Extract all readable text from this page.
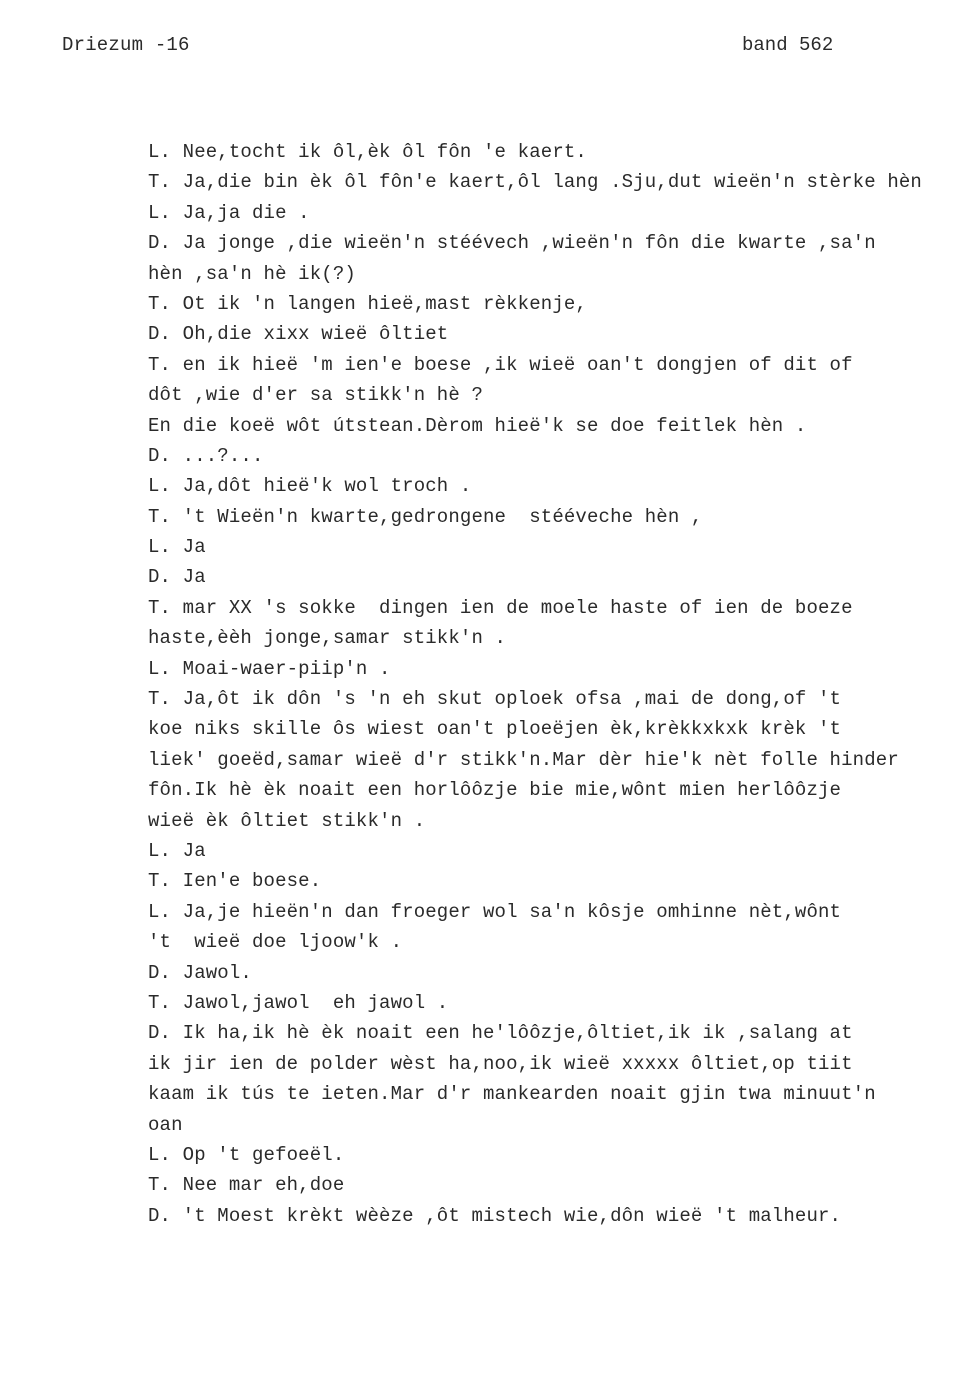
Driezum -16	band 562
L. Nee,tocht ik ôl,èk ôl fôn 'e kaert.
T. Ja,die bin èk ôl fôn'e kaert,ôl lang .Sju,dut wieën'n stèrke hèn
L. Ja,ja die .
D. Ja jonge ,die wieën'n stéévech ,wieën'n fôn die kwarte ,sa'n
hèn ,sa'n hè ik(?)
T. Ot ik 'n langen hieë,mast rèkkenje,
D. Oh,die xixx wieë ôltiet
T. en ik hieë 'm ien'e boese ,ik wieë oan't dongjen of dit of
dôt ,wie d'er sa stikk'n hè ?
En die koeë wôt útstean.Dèrom hieë'k se doe feitlek hèn .
D. ...?...
L. Ja,dôt hieë'k wol troch .
T. 't Wieën'n kwarte,gedrongene  stééveche hèn ,
L. Ja
D. Ja
T. mar XX 's sokke  dingen ien de moele haste of ien de boeze
haste,èèh jonge,samar stikk'n .
L. Moai-waer-piip'n .
T. Ja,ôt ik dôn 's 'n eh skut oploek ofsa ,mai de dong,of 't
koe niks skille ôs wiest oan't ploeëjen èk,krèkkxkxk krèk 't
liek' goeëd,samar wieë d'r stikk'n.Mar dèr hie'k nèt folle hinder
fôn.Ik hè èk noait een horlôôzje bie mie,wônt mien herlôôzje
wieë èk ôltiet stikk'n .
L. Ja
T. Ien'e boese.
L. Ja,je hieën'n dan froeger wol sa'n kôsje omhinne nèt,wônt
't  wieë doe ljoow'k .
D. Jawol.
T. Jawol,jawol  eh jawol .
D. Ik ha,ik hè èk noait een he'lôôzje,ôltiet,ik ik ,salang at
ik jir ien de polder wèst ha,noo,ik wieë xxxxx ôltiet,op tiit
kaam ik tús te ieten.Mar d'r mankearden noait gjin twa minuut'n
oan
L. Op 't gefoeël.
T. Nee mar eh,doe
D. 't Moest krèkt wèèze ,ôt mistech wie,dôn wieë 't malheur.
